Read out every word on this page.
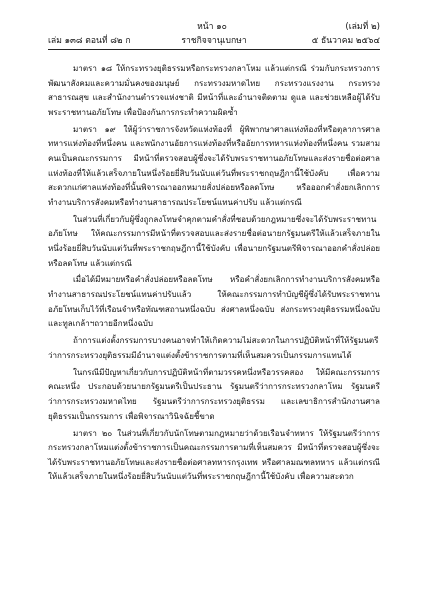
หน้า ๑๐	(เล่มที่ ๒)
เล่ม ๑๓๘ ตอนที่ ๘๒ ก	ราชกิจจานุเบกษา	๕ ธันวาคม ๒๕๖๔

มาตรา ๑๘ ให้กระทรวงยุติธรรมหรือกระทรวงกลาโหม แล้วแต่กรณี ร่วมกับกระทรวงการพัฒนาสังคมและความมั่นคงของมนุษย์ กระทรวงมหาดไทย กระทรวงแรงงาน กระทรวงสาธารณสุข และสำนักงานตำรวจแห่งชาติ มีหน้าที่และอำนาจติดตาม ดูแล และช่วยเหลือผู้ได้รับพระราชทานอภัยโทษ เพื่อป้องกันการกระทำความผิดซ้ำ

มาตรา ๑๙ ให้ผู้ว่าราชการจังหวัดแห่งท้องที่ ผู้พิพากษาศาลแห่งท้องที่หรือตุลาการศาลทหารแห่งท้องที่หนึ่งคน และพนักงานอัยการแห่งท้องที่หรืออัยการทหารแห่งท้องที่หนึ่งคน รวมสามคนเป็นคณะกรรมการ มีหน้าที่ตรวจสอบผู้ซึ่งจะได้รับพระราชทานอภัยโทษและส่งรายชื่อต่อศาลแห่งท้องที่ให้แล้วเสร็จภายในหนึ่งร้อยยี่สิบวันนับแต่วันที่พระราชกฤษฎีกานี้ใช้บังคับ เพื่อความสะดวกแก่ศาลแห่งท้องที่นั้นพิจารณาออกหมายสั่งปล่อยหรือลดโทษ หรือออกคำสั่งยกเลิกการทำงานบริการสังคมหรือทำงานสาธารณประโยชน์แทนค่าปรับ แล้วแต่กรณี

ในส่วนที่เกี่ยวกับผู้ซึ่งถูกลงโทษจำคุกตามคำสั่งที่ชอบด้วยกฎหมายซึ่งจะได้รับพระราชทานอภัยโทษ ให้คณะกรรมการมีหน้าที่ตรวจสอบและส่งรายชื่อต่อนายกรัฐมนตรีให้แล้วเสร็จภายในหนึ่งร้อยยี่สิบวันนับแต่วันที่พระราชกฤษฎีกานี้ใช้บังคับ เพื่อนายกรัฐมนตรีพิจารณาออกคำสั่งปล่อยหรือลดโทษ แล้วแต่กรณี

เมื่อได้มีหมายหรือคำสั่งปล่อยหรือลดโทษ หรือคำสั่งยกเลิกการทำงานบริการสังคมหรือทำงานสาธารณประโยชน์แทนค่าปรับแล้ว ให้คณะกรรมการทำบัญชีผู้ซึ่งได้รับพระราชทานอภัยโทษเก็บไว้ที่เรือนจำหรือทัณฑสถานหนึ่งฉบับ ส่งศาลหนึ่งฉบับ ส่งกระทรวงยุติธรรมหนึ่งฉบับ และทูลเกล้าฯถวายอีกหนึ่งฉบับ

ถ้าการแต่งตั้งกรรมการบางคนอาจทำให้เกิดความไม่สะดวกในการปฏิบัติหน้าที่ให้รัฐมนตรีว่าการกระทรวงยุติธรรมมีอำนาจแต่งตั้งข้าราชการตามที่เห็นสมควรเป็นกรรมการแทนได้

ในกรณีมีปัญหาเกี่ยวกับการปฏิบัติหน้าที่ตามวรรคหนึ่งหรือวรรคสอง ให้มีคณะกรรมการคณะหนึ่ง ประกอบด้วยนายกรัฐมนตรีเป็นประธาน รัฐมนตรีว่าการกระทรวงกลาโหม รัฐมนตรีว่าการกระทรวงมหาดไทย รัฐมนตรีว่าการกระทรวงยุติธรรม และเลขาธิการสำนักงานศาลยุติธรรมเป็นกรรมการ เพื่อพิจารณาวินิจฉัยชี้ขาด

มาตรา ๒๐ ในส่วนที่เกี่ยวกับนักโทษตามกฎหมายว่าด้วยเรือนจำทหาร ให้รัฐมนตรีว่าการกระทรวงกลาโหมแต่งตั้งข้าราชการเป็นคณะกรรมการตามที่เห็นสมควร มีหน้าที่ตรวจสอบผู้ซึ่งจะได้รับพระราชทานอภัยโทษและส่งรายชื่อต่อศาลทหารกรุงเทพ หรือศาลมณฑลทหาร แล้วแต่กรณีให้แล้วเสร็จภายในหนึ่งร้อยยี่สิบวันนับแต่วันที่พระราชกฤษฎีกานี้ใช้บังคับ เพื่อความสะดวก
